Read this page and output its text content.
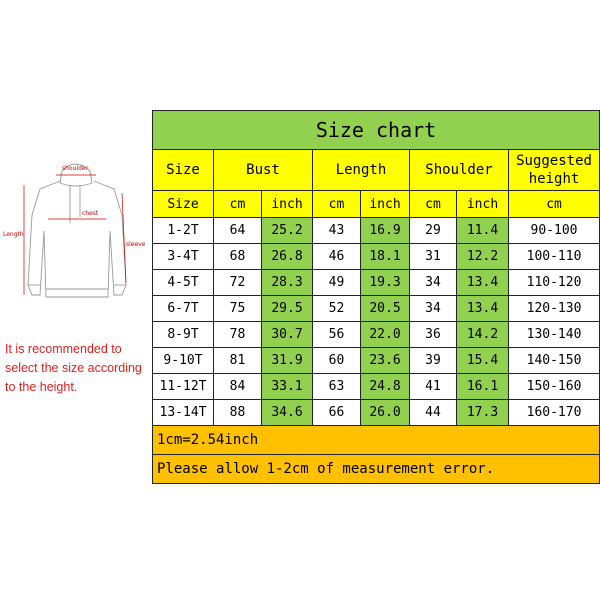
shoulder
chest
Length
sleeve
It is recommended to select the size according to the height.
Size chart							
Size	Bust		Length		Shoulder		Suggested height
Size	cm	inch	cm	inch	cm	inch	cm
1-2T	64	25.2	43	16.9	29	11.4	90-100
3-4T	68	26.8	46	18.1	31	12.2	100-110
4-5T	72	28.3	49	19.3	34	13.4	110-120
6-7T	75	29.5	52	20.5	34	13.4	120-130
8-9T	78	30.7	56	22.0	36	14.2	130-140
9-10T	81	31.9	60	23.6	39	15.4	140-150
11-12T	84	33.1	63	24.8	41	16.1	150-160
13-14T	88	34.6	66	26.0	44	17.3	160-170
1cm=2.54inch							
Please allow 1-2cm of measurement error.							
